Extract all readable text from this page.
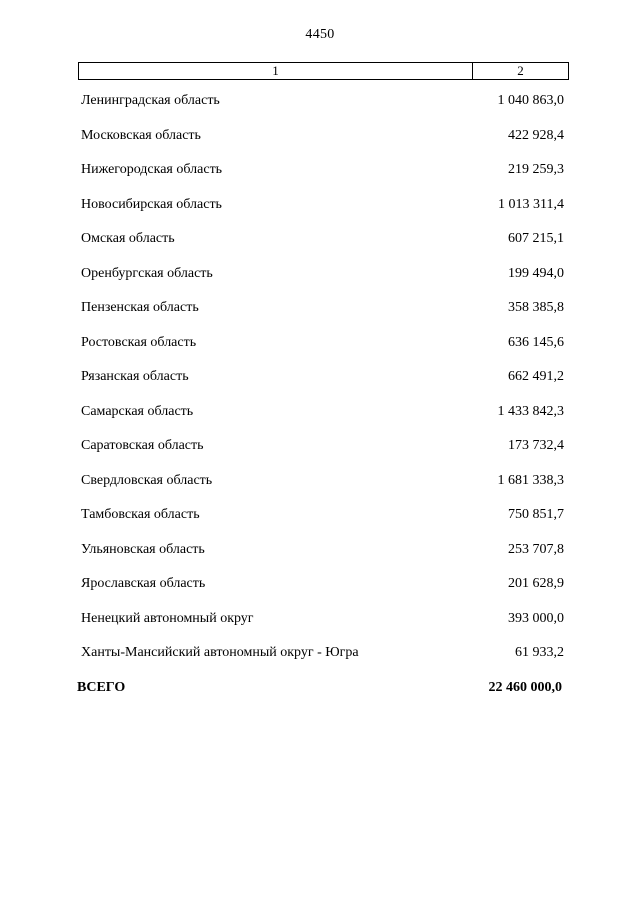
4450
1	2
Ленинградская область	1 040 863,0
Московская область	422 928,4
Нижегородская область	219 259,3
Новосибирская область	1 013 311,4
Омская область	607 215,1
Оренбургская область	199 494,0
Пензенская область	358 385,8
Ростовская область	636 145,6
Рязанская область	662 491,2
Самарская область	1 433 842,3
Саратовская область	173 732,4
Свердловская область	1 681 338,3
Тамбовская область	750 851,7
Ульяновская область	253 707,8
Ярославская область	201 628,9
Ненецкий автономный округ	393 000,0
Ханты-Мансийский автономный округ - Югра	61 933,2
ВСЕГО	22 460 000,0
